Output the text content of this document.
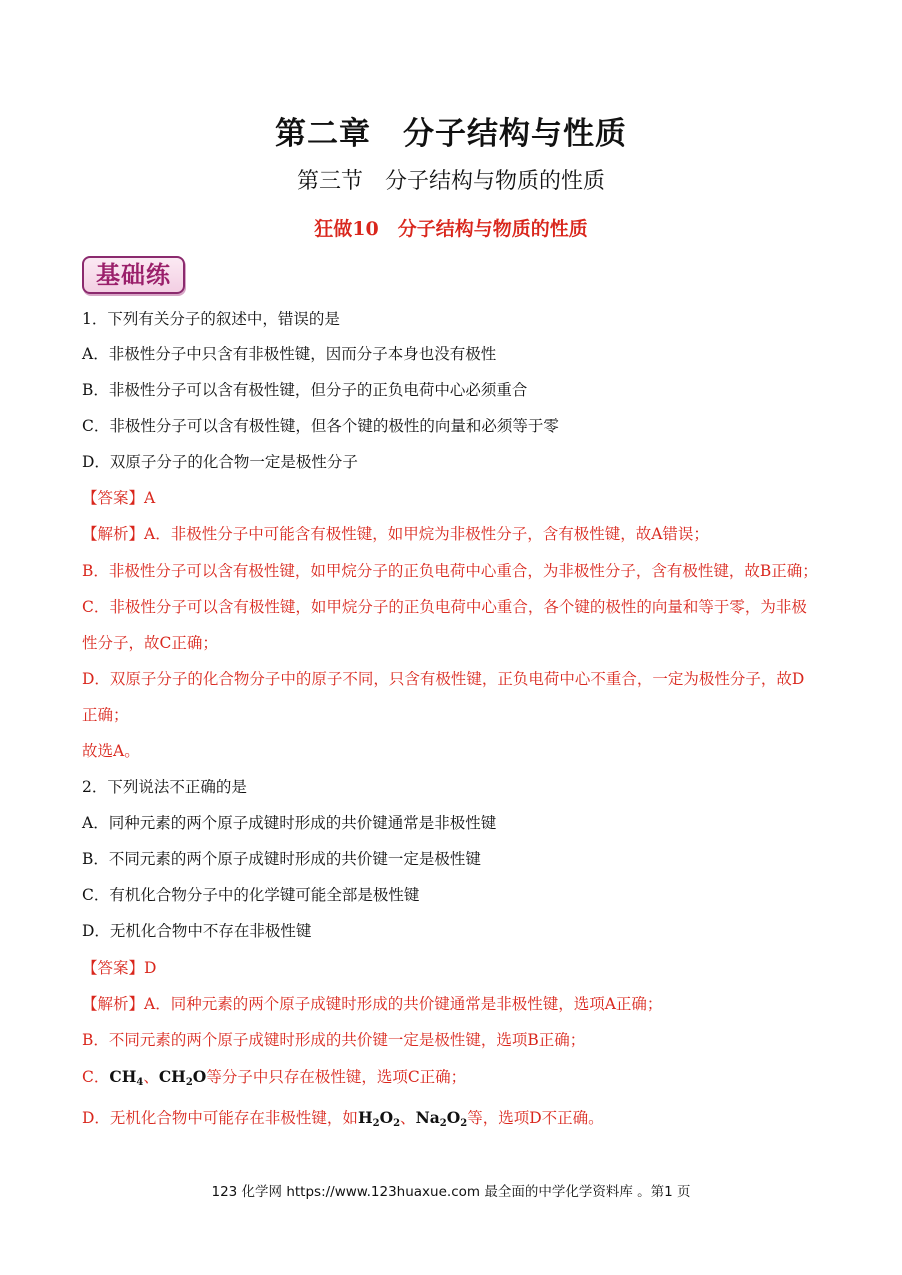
第二章　分子结构与性质
第三节　分子结构与物质的性质
狂做10　分子结构与物质的性质
基础练
1．下列有关分子的叙述中，错误的是
A．非极性分子中只含有非极性键，因而分子本身也没有极性
B．非极性分子可以含有极性键，但分子的正负电荷中心必须重合
C．非极性分子可以含有极性键，但各个键的极性的向量和必须等于零
D．双原子分子的化合物一定是极性分子
【答案】A
【解析】A．非极性分子中可能含有极性键，如甲烷为非极性分子，含有极性键，故A错误；
B．非极性分子可以含有极性键，如甲烷分子的正负电荷中心重合，为非极性分子，含有极性键，故B正确；
C．非极性分子可以含有极性键，如甲烷分子的正负电荷中心重合，各个键的极性的向量和等于零，为非极
性分子，故C正确；
D．双原子分子的化合物分子中的原子不同，只含有极性键，正负电荷中心不重合，一定为极性分子，故D
正确；
故选A。
2．下列说法不正确的是
A．同种元素的两个原子成键时形成的共价键通常是非极性键
B．不同元素的两个原子成键时形成的共价键一定是极性键
C．有机化合物分子中的化学键可能全部是极性键
D．无机化合物中不存在非极性键
【答案】D
【解析】A．同种元素的两个原子成键时形成的共价键通常是非极性键，选项A正确；
B．不同元素的两个原子成键时形成的共价键一定是极性键，选项B正确；
C．$CH_4$、$CH_2O$等分子中只存在极性键，选项C正确；
D．无机化合物中可能存在非极性键，如$H_2O_2$、$Na_2O_2$等，选项D不正确。
123 化学网 https://www.123huaxue.com 最全面的中学化学资料库 。第1 页
